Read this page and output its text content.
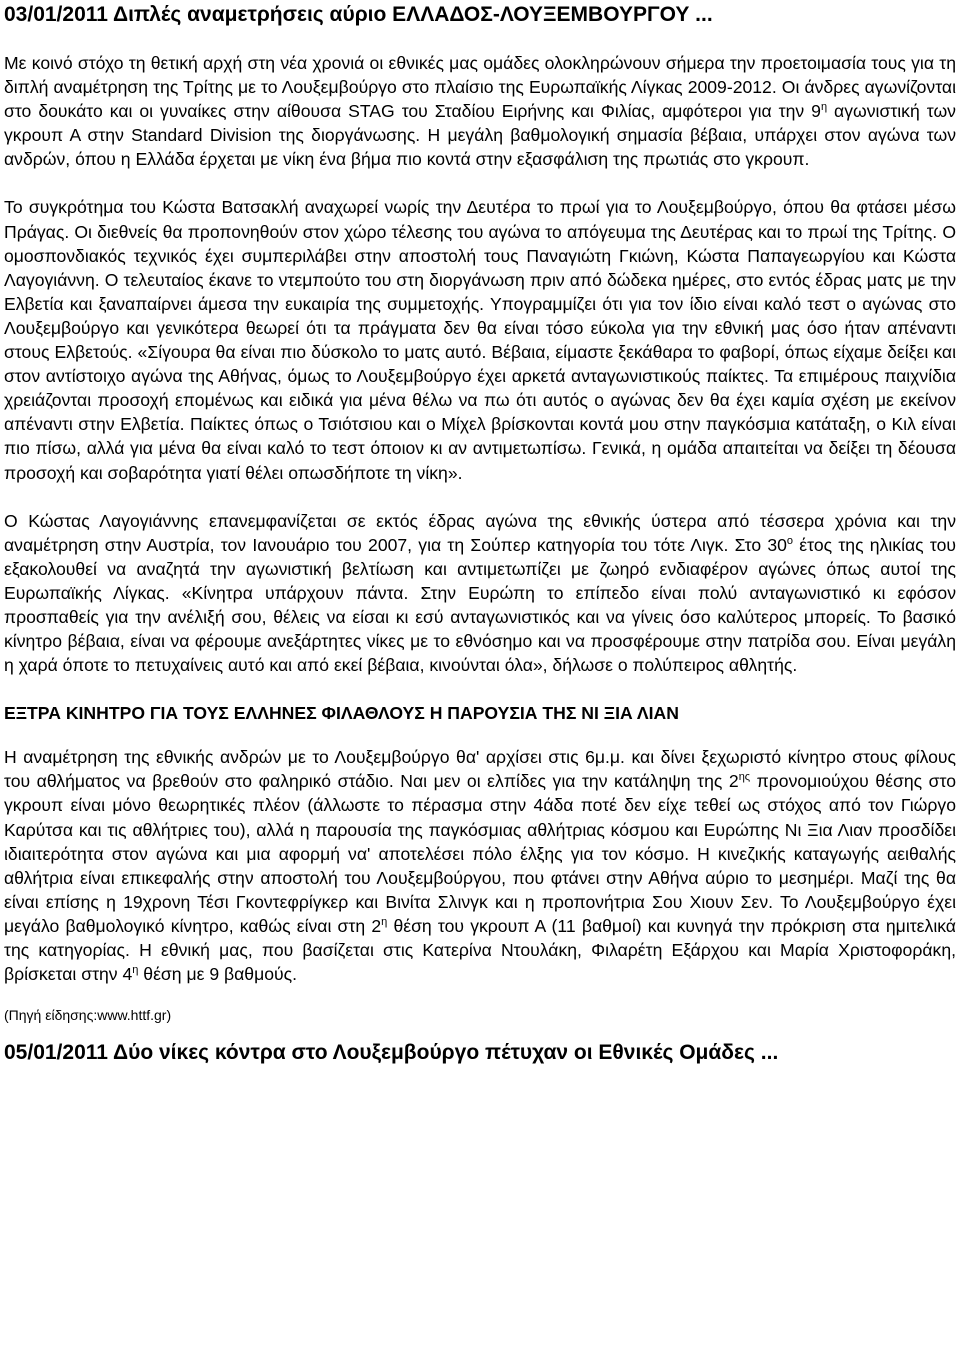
03/01/2011 Διπλές αναμετρήσεις αύριο ΕΛΛΑΔΟΣ-ΛΟΥΞΕΜΒΟΥΡΓΟΥ ...

Με κοινό στόχο τη θετική αρχή στη νέα χρονιά οι εθνικές μας ομάδες ολοκληρώνουν σήμερα την προετοιμασία τους για τη διπλή αναμέτρηση της Τρίτης με το Λουξεμβούργο στο πλαίσιο της Ευρωπαϊκής Λίγκας 2009-2012. Οι άνδρες αγωνίζονται στο δουκάτο και οι γυναίκες στην αίθουσα STAG του Σταδίου Ειρήνης και Φιλίας, αμφότεροι για την $9^\eta$ αγωνιστική των γκρουπ Α στην Standard Division της διοργάνωσης. Η μεγάλη βαθμολογική σημασία βέβαια, υπάρχει στον αγώνα των ανδρών, όπου η Ελλάδα έρχεται με νίκη ένα βήμα πιο κοντά στην εξασφάλιση της πρωτιάς στο γκρουπ.

Το συγκρότημα του Κώστα Βατσακλή αναχωρεί νωρίς την Δευτέρα το πρωί για το Λουξεμβούργο, όπου θα φτάσει μέσω Πράγας. Οι διεθνείς θα προπονηθούν στον χώρο τέλεσης του αγώνα το απόγευμα της Δευτέρας και το πρωί της Τρίτης. Ο ομοσπονδιακός τεχνικός έχει συμπεριλάβει στην αποστολή τους Παναγιώτη Γκιώνη, Κώστα Παπαγεωργίου και Κώστα Λαγογιάννη. Ο τελευταίος έκανε το ντεμπούτο του στη διοργάνωση πριν από δώδεκα ημέρες, στο εντός έδρας ματς με την Ελβετία και ξαναπαίρνει άμεσα την ευκαιρία της συμμετοχής. Υπογραμμίζει ότι για τον ίδιο είναι καλό τεστ ο αγώνας στο Λουξεμβούργο και γενικότερα θεωρεί ότι τα πράγματα δεν θα είναι τόσο εύκολα για την εθνική μας όσο ήταν απέναντι στους Ελβετούς. «Σίγουρα θα είναι πιο δύσκολο το ματς αυτό. Βέβαια, είμαστε ξεκάθαρα το φαβορί, όπως είχαμε δείξει και στον αντίστοιχο αγώνα της Αθήνας, όμως το Λουξεμβούργο έχει αρκετά ανταγωνιστικούς παίκτες. Τα επιμέρους παιχνίδια χρειάζονται προσοχή επομένως και ειδικά για μένα θέλω να πω ότι αυτός ο αγώνας δεν θα έχει καμία σχέση με εκείνον απέναντι στην Ελβετία. Παίκτες όπως ο Τσιότσιου και ο Μίχελ βρίσκονται κοντά μου στην παγκόσμια κατάταξη, ο Κιλ είναι πιο πίσω, αλλά για μένα θα είναι καλό το τεστ όποιον κι αν αντιμετωπίσω. Γενικά, η ομάδα απαιτείται να δείξει τη δέουσα προσοχή και σοβαρότητα γιατί θέλει οπωσδήποτε τη νίκη».

Ο Κώστας Λαγογιάννης επανεμφανίζεται σε εκτός έδρας αγώνα της εθνικής ύστερα από τέσσερα χρόνια και την αναμέτρηση στην Αυστρία, τον Ιανουάριο του 2007, για τη Σούπερ κατηγορία του τότε Λιγκ. Στο $30^o$ έτος της ηλικίας του εξακολουθεί να αναζητά την αγωνιστική βελτίωση και αντιμετωπίζει με ζωηρό ενδιαφέρον αγώνες όπως αυτοί της Ευρωπαϊκής Λίγκας. «Κίνητρα υπάρχουν πάντα. Στην Ευρώπη το επίπεδο είναι πολύ ανταγωνιστικό κι εφόσον προσπαθείς για την ανέλιξή σου, θέλεις να είσαι κι εσύ ανταγωνιστικός και να γίνεις όσο καλύτερος μπορείς. Το βασικό κίνητρο βέβαια, είναι να φέρουμε ανεξάρτητες νίκες με το εθνόσημο και να προσφέρουμε στην πατρίδα σου. Είναι μεγάλη η χαρά όποτε το πετυχαίνεις αυτό και από εκεί βέβαια, κινούνται όλα», δήλωσε ο πολύπειρος αθλητής.

ΕΞΤΡΑ ΚΙΝΗΤΡΟ ΓΙΑ ΤΟΥΣ ΕΛΛΗΝΕΣ ΦΙΛΑΘΛΟΥΣ Η ΠΑΡΟΥΣΙΑ ΤΗΣ ΝΙ ΞΙΑ ΛΙΑΝ

Η αναμέτρηση της εθνικής ανδρών με το Λουξεμβούργο θα' αρχίσει στις 6μ.μ. και δίνει ξεχωριστό κίνητρο στους φίλους του αθλήματος να βρεθούν στο φαληρικό στάδιο. Ναι μεν οι ελπίδες για την κατάληψη της $2^{\eta\varsigma}$ προνομιούχου θέσης στο γκρουπ είναι μόνο θεωρητικές πλέον (άλλωστε το πέρασμα στην 4άδα ποτέ δεν είχε τεθεί ως στόχος από τον Γιώργο Καρύτσα και τις αθλήτριες του), αλλά η παρουσία της παγκόσμιας αθλήτριας κόσμου και Ευρώπης Νι Ξια Λιαν προσδίδει ιδιαιτερότητα στον αγώνα και μια αφορμή να' αποτελέσει πόλο έλξης για τον κόσμο. Η κινεζικής καταγωγής αειθαλής αθλήτρια είναι επικεφαλής στην αποστολή του Λουξεμβούργου, που φτάνει στην Αθήνα αύριο το μεσημέρι. Μαζί της θα είναι επίσης η 19χρονη Τέσι Γκοντεφρίγκερ και Βινίτα Σλινγκ και η προπονήτρια Σου Χιουν Σεν. Το Λουξεμβούργο έχει μεγάλο βαθμολογικό κίνητρο, καθώς είναι στη $2^\eta$ θέση του γκρουπ Α (11 βαθμοί) και κυνηγά την πρόκριση στα ημιτελικά της κατηγορίας. Η εθνική μας, που βασίζεται στις Κατερίνα Ντουλάκη, Φιλαρέτη Εξάρχου και Μαρία Χριστοφοράκη, βρίσκεται στην $4^\eta$ θέση με 9 βαθμούς.

(Πηγή είδησης:www.httf.gr)

05/01/2011 Δύο νίκες κόντρα στο Λουξεμβούργο πέτυχαν οι Εθνικές Ομάδες ...
